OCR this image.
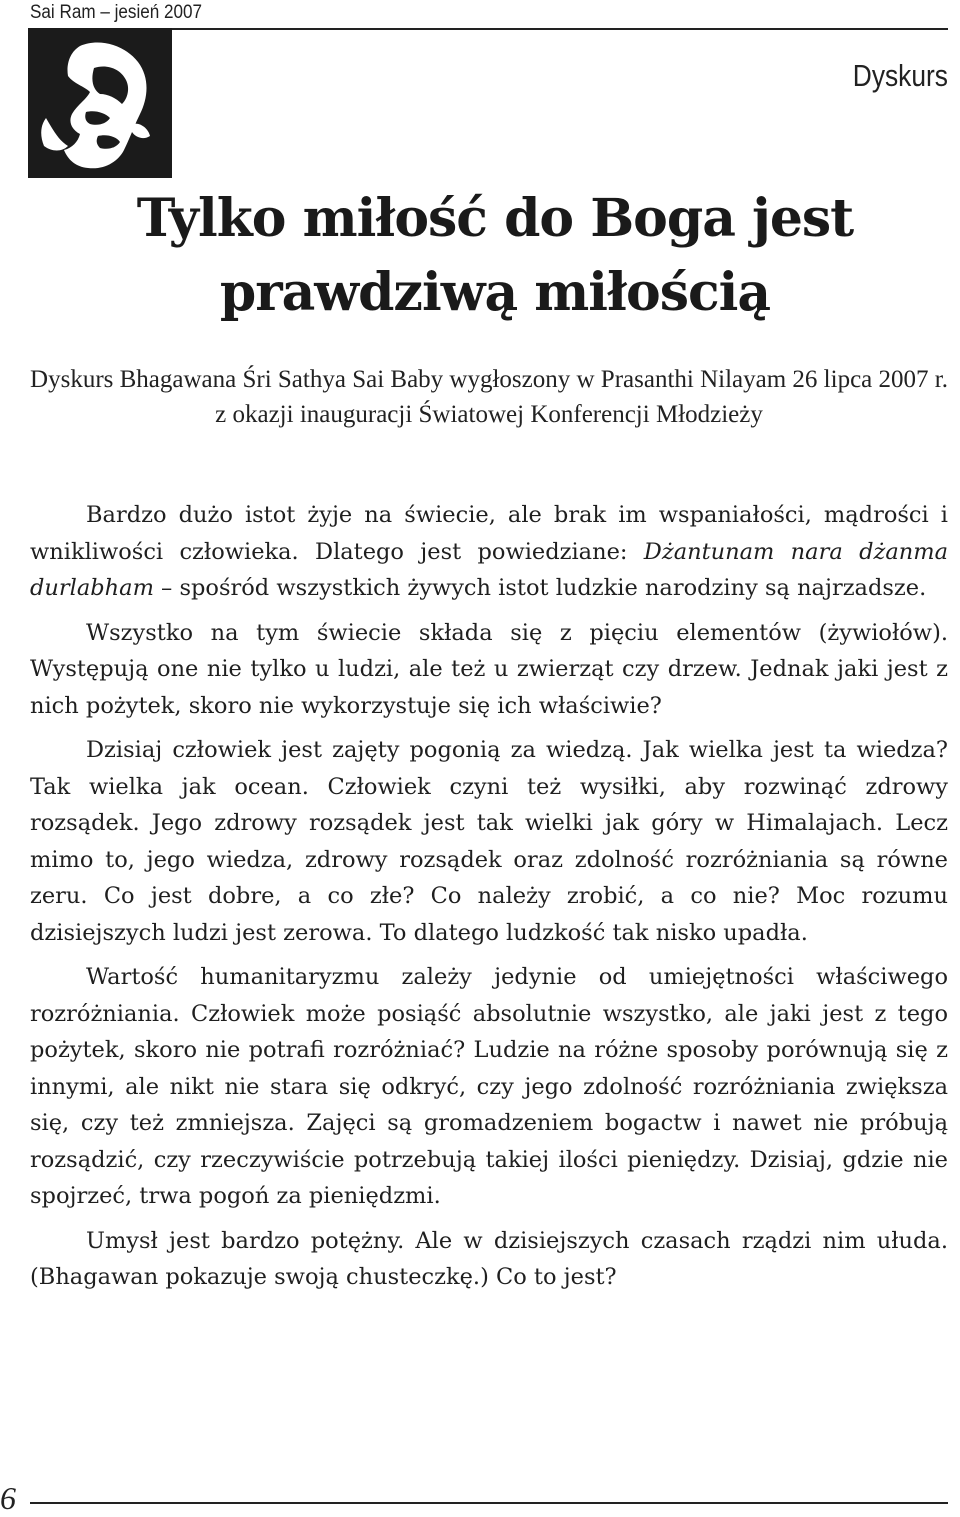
Sai Ram – jesień 2007
Dyskurs
Tylko miłość do Boga jest prawdziwą miłością

Dyskurs Bhagawana Śri Sathya Sai Baby wygłoszony w Prasanthi Nilayam 26 lipca 2007 r. z okazji inauguracji Światowej Konferencji Młodzieży

Bardzo dużo istot żyje na świecie, ale brak im wspaniałości, mądrości i wnikliwości człowieka. Dlatego jest powiedziane: Dżantunam nara dżanma durlabham – spośród wszystkich żywych istot ludzkie narodziny są najrzadsze.

Wszystko na tym świecie składa się z pięciu elementów (żywiołów). Występują one nie tylko u ludzi, ale też u zwierząt czy drzew. Jednak jaki jest z nich pożytek, skoro nie wykorzystuje się ich właściwie?

Dzisiaj człowiek jest zajęty pogonią za wiedzą. Jak wielka jest ta wiedza? Tak wielka jak ocean. Człowiek czyni też wysiłki, aby rozwinąć zdrowy rozsądek. Jego zdrowy rozsądek jest tak wielki jak góry w Himalajach. Lecz mimo to, jego wiedza, zdrowy rozsądek oraz zdolność rozróżniania są równe zeru. Co jest dobre, a co złe? Co należy zrobić, a co nie? Moc rozumu dzisiejszych ludzi jest zerowa. To dlatego ludzkość tak nisko upadła.

Wartość humanitaryzmu zależy jedynie od umiejętności właściwego rozróżniania. Człowiek może posiąść absolutnie wszystko, ale jaki jest z tego pożytek, skoro nie potrafi rozróżniać? Ludzie na różne sposoby porównują się z innymi, ale nikt nie stara się odkryć, czy jego zdolność rozróżniania zwiększa się, czy też zmniejsza. Zajęci są gromadzeniem bogactw i nawet nie próbują rozsądzić, czy rzeczywiście potrzebują takiej ilości pieniędzy. Dzisiaj, gdzie nie spojrzeć, trwa pogoń za pieniędzmi.

Umysł jest bardzo potężny. Ale w dzisiejszych czasach rządzi nim ułuda. (Bhagawan pokazuje swoją chusteczkę.) Co to jest?

6
